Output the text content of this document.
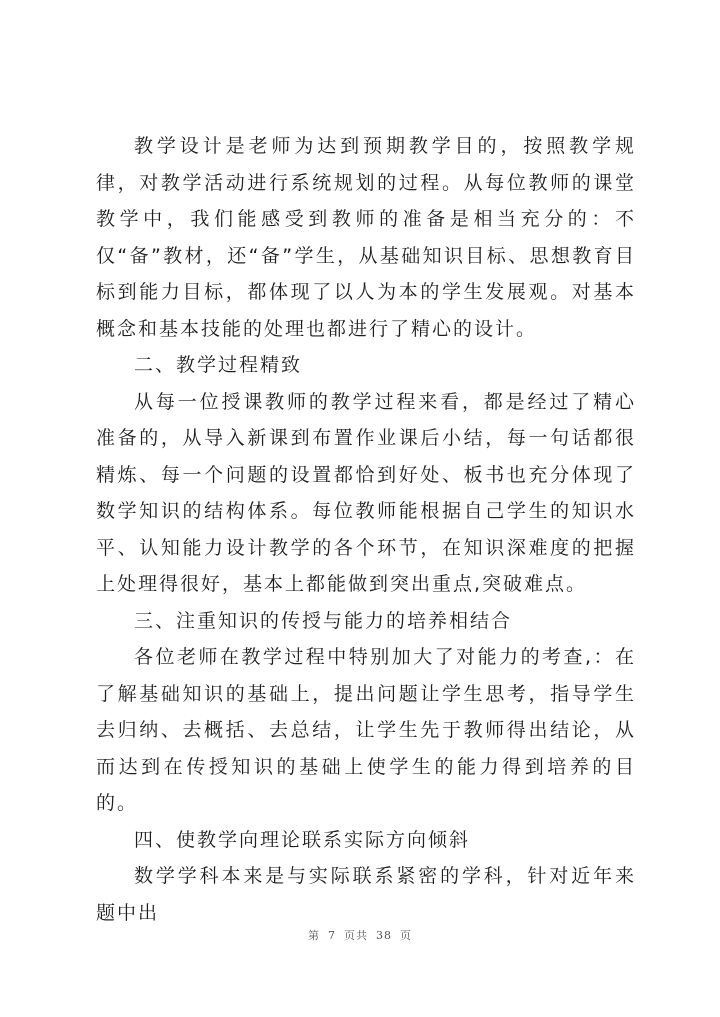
教学设计是老师为达到预期教学目的，按照教学规律，对教学活动进行系统规划的过程。从每位教师的课堂教学中，我们能感受到教师的准备是相当充分的：不仅“备”教材，还“备”学生，从基础知识目标、思想教育目标到能力目标，都体现了以人为本的学生发展观。对基本概念和基本技能的处理也都进行了精心的设计。

二、教学过程精致

从每一位授课教师的教学过程来看，都是经过了精心准备的，从导入新课到布置作业课后小结，每一句话都很精炼、每一个问题的设置都恰到好处、板书也充分体现了数学知识的结构体系。每位教师能根据自己学生的知识水平、认知能力设计教学的各个环节，在知识深难度的把握上处理得很好，基本上都能做到突出重点,突破难点。

三、注重知识的传授与能力的培养相结合

各位老师在教学过程中特别加大了对能力的考查,：在了解基础知识的基础上，提出问题让学生思考，指导学生去归纳、去概括、去总结，让学生先于教师得出结论，从而达到在传授知识的基础上使学生的能力得到培养的目的。

四、使教学向理论联系实际方向倾斜

数学学科本来是与实际联系紧密的学科，针对近年来题中出

第 7 页共 38 页
